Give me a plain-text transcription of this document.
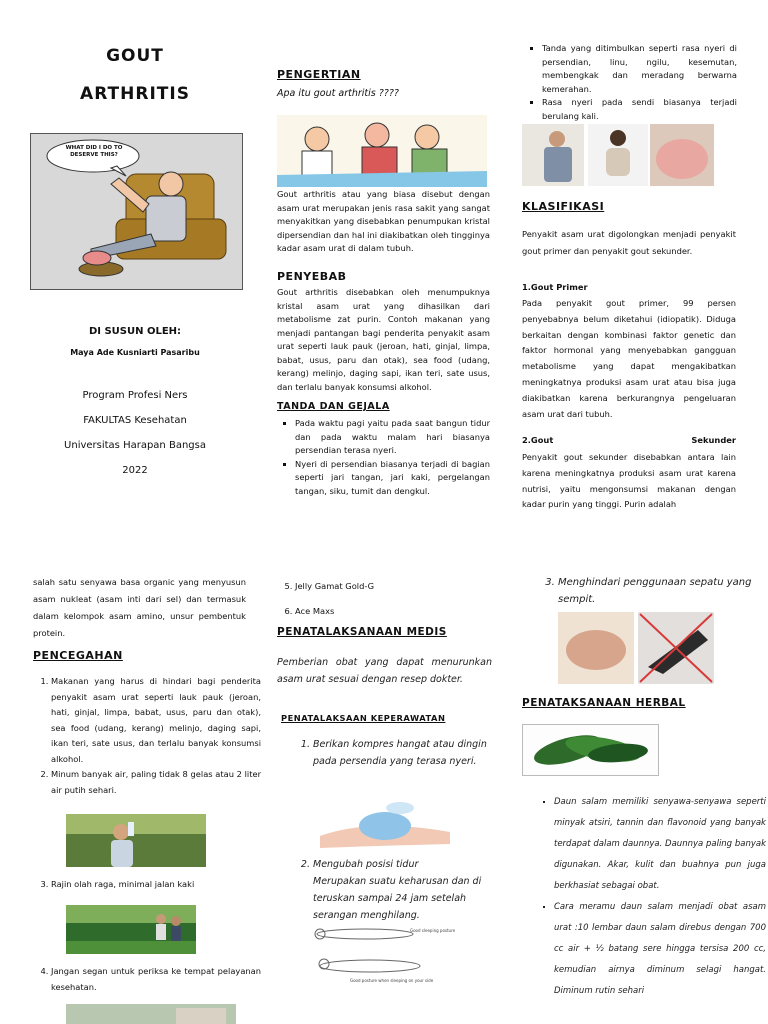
GOUT
ARTHRITIS
WHAT DID I DO TO DESERVE THIS?
DI SUSUN OLEH:
Maya Ade Kusniarti Pasaribu
Program Profesi Ners
FAKULTAS Kesehatan
Universitas Harapan Bangsa
2022
PENGERTIAN
Apa itu gout arthritis ????
Gout arthritis atau yang biasa disebut dengan asam urat merupakan jenis rasa sakit yang sangat menyakitkan yang disebabkan penumpukan kristal dipersendian dan hal ini diakibatkan oleh tingginya kadar asam urat di dalam tubuh.
PENYEBAB
Gout arthritis disebabkan oleh menumpuknya kristal asam urat yang dihasilkan dari metabolisme zat purin. Contoh makanan yang menjadi pantangan bagi penderita penyakit asam urat seperti lauk pauk (jeroan, hati, ginjal, limpa, babat, usus, paru dan otak), sea food (udang, kerang) melinjo, daging sapi, ikan teri, sate usus, dan terlalu banyak konsumsi alkohol.
TANDA DAN GEJALA
▪ Pada waktu pagi yaitu pada saat bangun tidur dan pada waktu malam hari biasanya persendian terasa nyeri.
▪ Nyeri di persendian biasanya terjadi di bagian seperti jari tangan, jari kaki, pergelangan tangan, siku, tumit dan dengkul.
▪ Tanda yang ditimbulkan seperti rasa nyeri di persendian, linu, ngilu, kesemutan, membengkak dan meradang berwarna kemerahan.
▪ Rasa nyeri pada sendi biasanya terjadi berulang kali.
KLASIFIKASI
Penyakit asam urat digolongkan menjadi penyakit gout primer dan penyakit gout sekunder.
1.Gout Primer
Pada penyakit gout primer, 99 persen penyebabnya belum diketahui (idiopatik). Diduga berkaitan dengan kombinasi faktor genetic dan faktor hormonal yang menyebabkan gangguan metabolisme yang dapat mengakibatkan meningkatnya produksi asam urat atau bisa juga diakibatkan karena berkurangnya pengeluaran asam urat dari tubuh.
2.Gout	Sekunder
Penyakit gout sekunder disebabkan antara lain karena meningkatnya produksi asam urat karena nutrisi, yaitu mengonsumsi makanan dengan kadar purin yang tinggi. Purin adalah
salah satu senyawa basa organic yang menyusun asam nukleat (asam inti dari sel) dan termasuk dalam kelompok asam amino, unsur pembentuk protein.
PENCEGAHAN
1. Makanan yang harus di hindari bagi penderita penyakit asam urat seperti lauk pauk (jeroan, hati, ginjal, limpa, babat, usus, paru dan otak), sea food (udang, kerang) melinjo, daging sapi, ikan teri, sate usus, dan terlalu banyak konsumsi alkohol.
2. Minum banyak air, paling tidak 8 gelas atau 2 liter air putih sehari.
3. Rajin olah raga, minimal jalan kaki
4. Jangan segan untuk periksa ke tempat pelayanan kesehatan.
5. Jelly Gamat Gold-G
6. Ace Maxs
PENATALAKSANAAN MEDIS
Pemberian obat yang dapat menurunkan asam urat sesuai dengan resep dokter.
PENATALAKSAAN KEPERAWATAN
1. Berikan kompres hangat atau dingin pada persendia yang terasa nyeri.
2. Mengubah posisi tidur
Merupakan suatu keharusan dan di teruskan sampai 24 jam setelah serangan menghilang.
Good sleeping posture
Good posture when sleeping on your side
3. Menghindari penggunaan sepatu yang sempit.
PENATAKSANAAN HERBAL
▪ Daun salam memiliki senyawa-senyawa seperti minyak atsiri, tannin dan flavonoid yang banyak terdapat dalam daunnya. Daunnya paling banyak digunakan. Akar, kulit dan buahnya pun juga berkhasiat sebagai obat.
▪ Cara meramu daun salam menjadi obat asam urat :10 lembar daun salam direbus dengan 700 cc air + ½ batang sere hingga tersisa 200 cc, kemudian airnya diminum selagi hangat. Diminum rutin sehari
